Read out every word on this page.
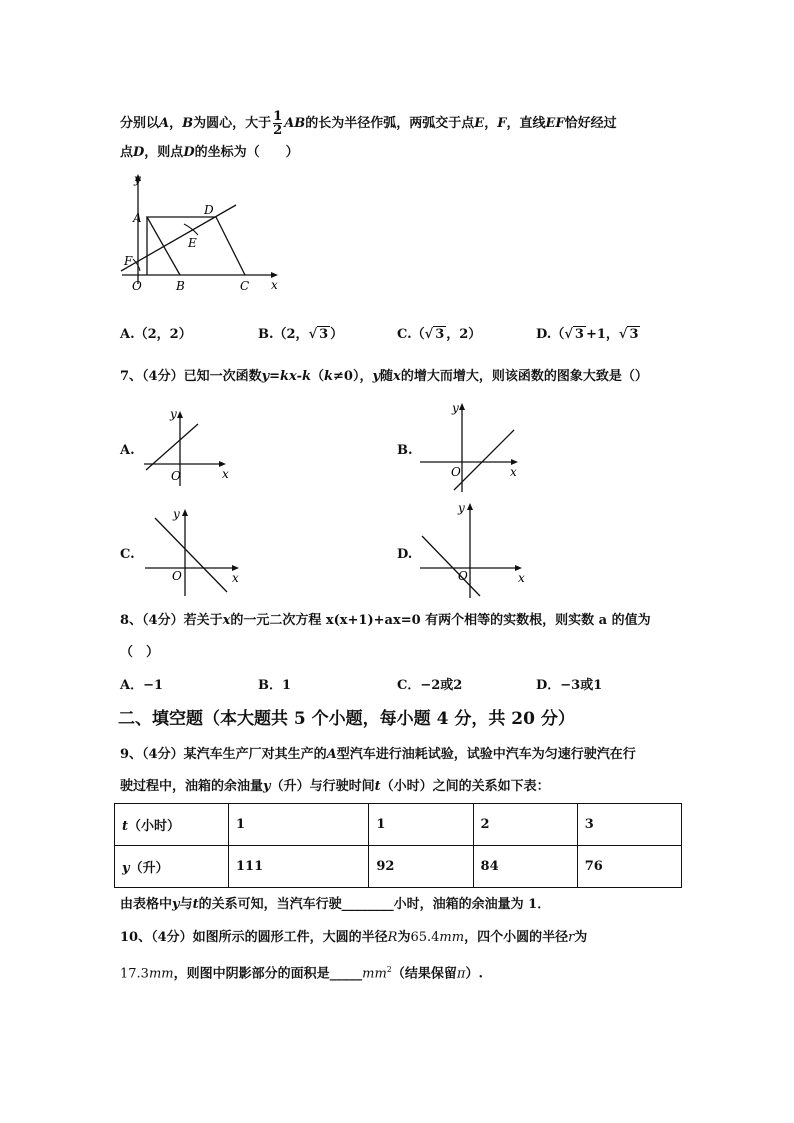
分别以A，B为圆心，大于 $\frac{1}{2}$ AB的长为半径作弧，两弧交于点E，F，直线EF恰好经过
点D，则点D的坐标为（　　）
y
x
A
D
E
F
O	B	C
A.（2，2）	B.（2，√ 3 ）	C.（√ 3 ，2）	D.（√ 3 +1，√ 3
7、（4分）已知一次函数y=kx-k（k≠0），y随x的增大而增大，则该函数的图象大致是（）
A.
y
x
O
B.
y
x
O
C.
y
x
O
D.
y
x
O
8、（4分）若关于x的一元二次方程 x(x+1)+ax=0 有两个相等的实数根，则实数 a 的值为
（　）
A．−1	B．1	C．−2或2	D．−3或1
二、填空题（本大题共 5 个小题，每小题 4 分，共 20 分）
9、（4分）某汽车生产厂对其生产的A型汽车进行油耗试验，试验中汽车为匀速行驶汽在行
驶过程中，油箱的余油量y（升）与行驶时间t（小时）之间的关系如下表：
t（小时）	1	1	2	3
y（升）	111	92	84	76
由表格中y与t的关系可知，当汽车行驶________小时，油箱的余油量为 1．
10、（4分）如图所示的圆形工件，大圆的半径R为65.4mm，四个小圆的半径r为
17.3mm，则图中阴影部分的面积是$\_\_\_\_\_mm^2$（结果保留π）.
